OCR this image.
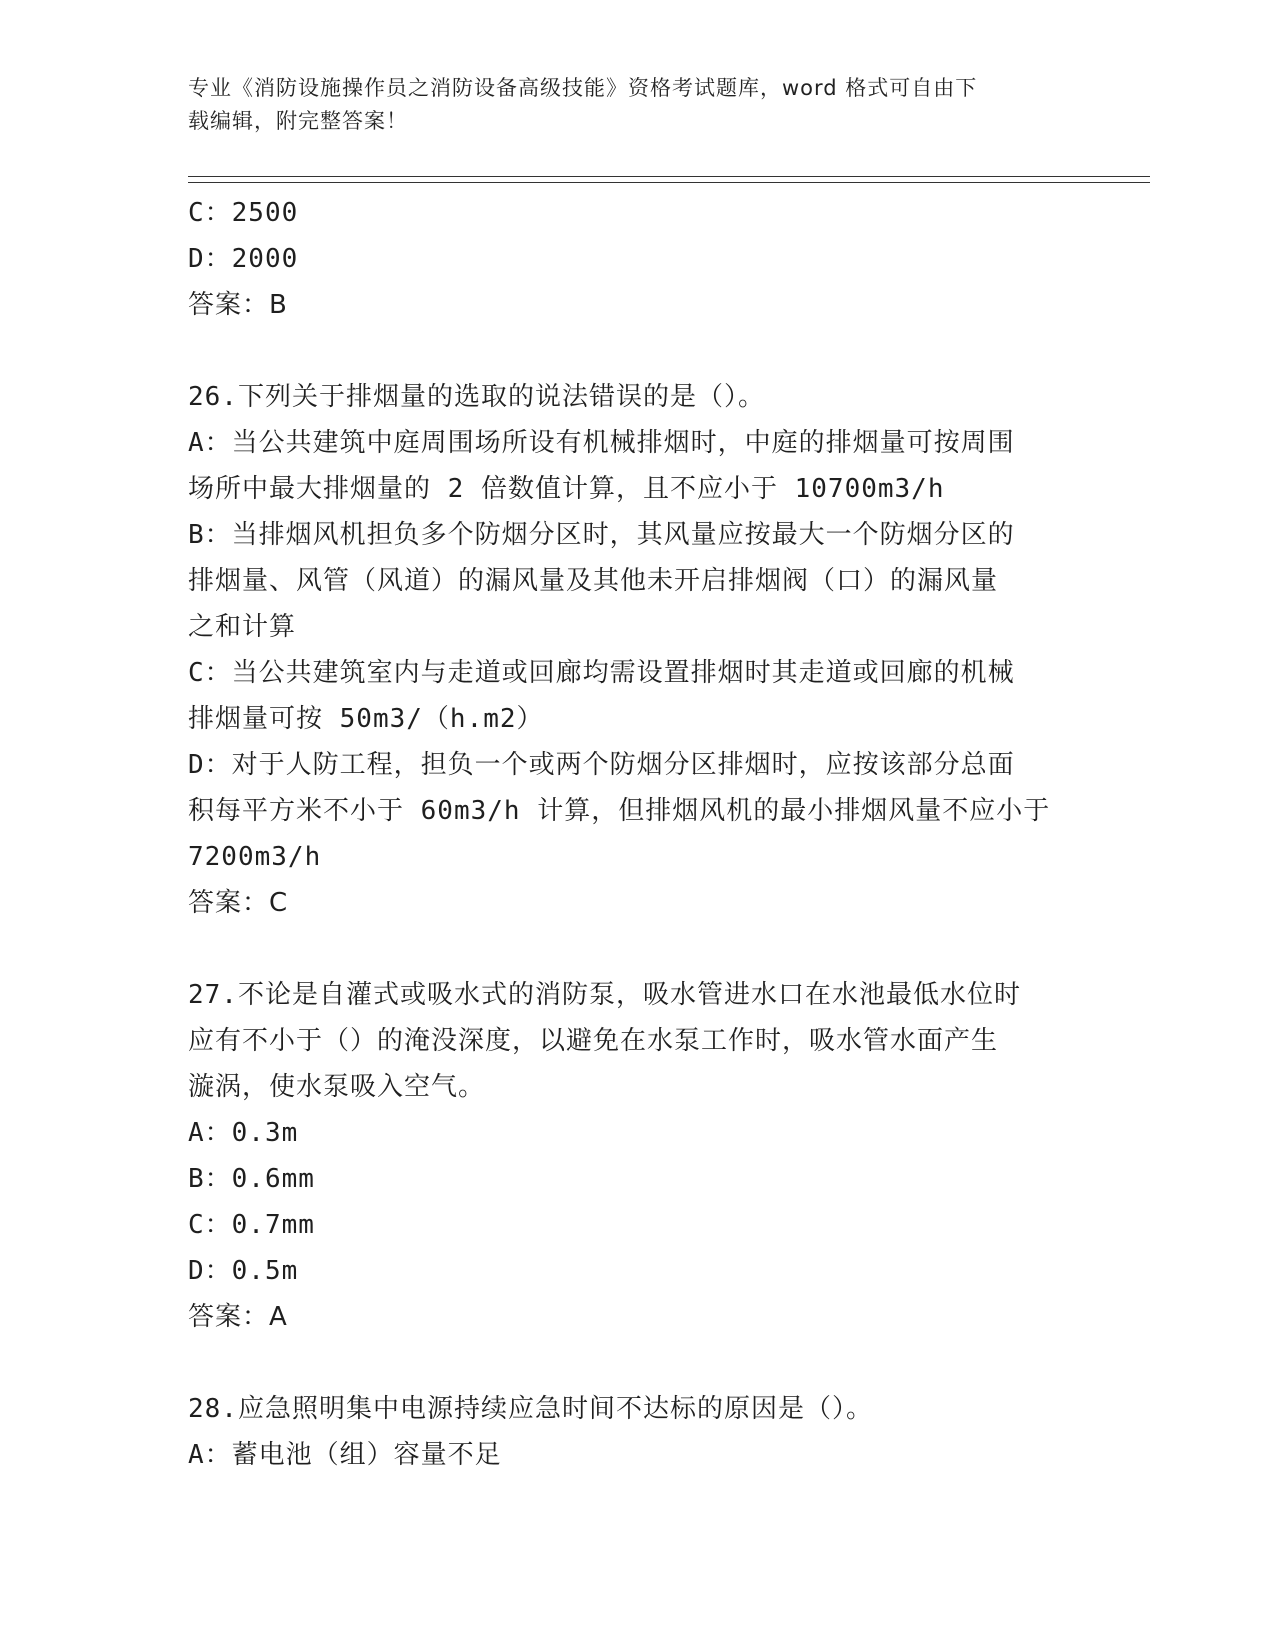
专业《消防设施操作员之消防设备高级技能》资格考试题库，word 格式可自由下
载编辑，附完整答案！
C：2500
D：2000
答案：B
26.下列关于排烟量的选取的说法错误的是（）。
A：当公共建筑中庭周围场所设有机械排烟时，中庭的排烟量可按周围
场所中最大排烟量的 2 倍数值计算，且不应小于 10700m3/h
B：当排烟风机担负多个防烟分区时，其风量应按最大一个防烟分区的
排烟量、风管（风道）的漏风量及其他未开启排烟阀（口）的漏风量
之和计算
C：当公共建筑室内与走道或回廊均需设置排烟时其走道或回廊的机械
排烟量可按 50m3/（h.m2）
D：对于人防工程，担负一个或两个防烟分区排烟时，应按该部分总面
积每平方米不小于 60m3/h 计算，但排烟风机的最小排烟风量不应小于
7200m3/h
答案：C
27.不论是自灌式或吸水式的消防泵，吸水管进水口在水池最低水位时
应有不小于（）的淹没深度，以避免在水泵工作时，吸水管水面产生
漩涡，使水泵吸入空气。
A：0.3m
B：0.6mm
C：0.7mm
D：0.5m
答案：A
28.应急照明集中电源持续应急时间不达标的原因是（）。
A：蓄电池（组）容量不足
